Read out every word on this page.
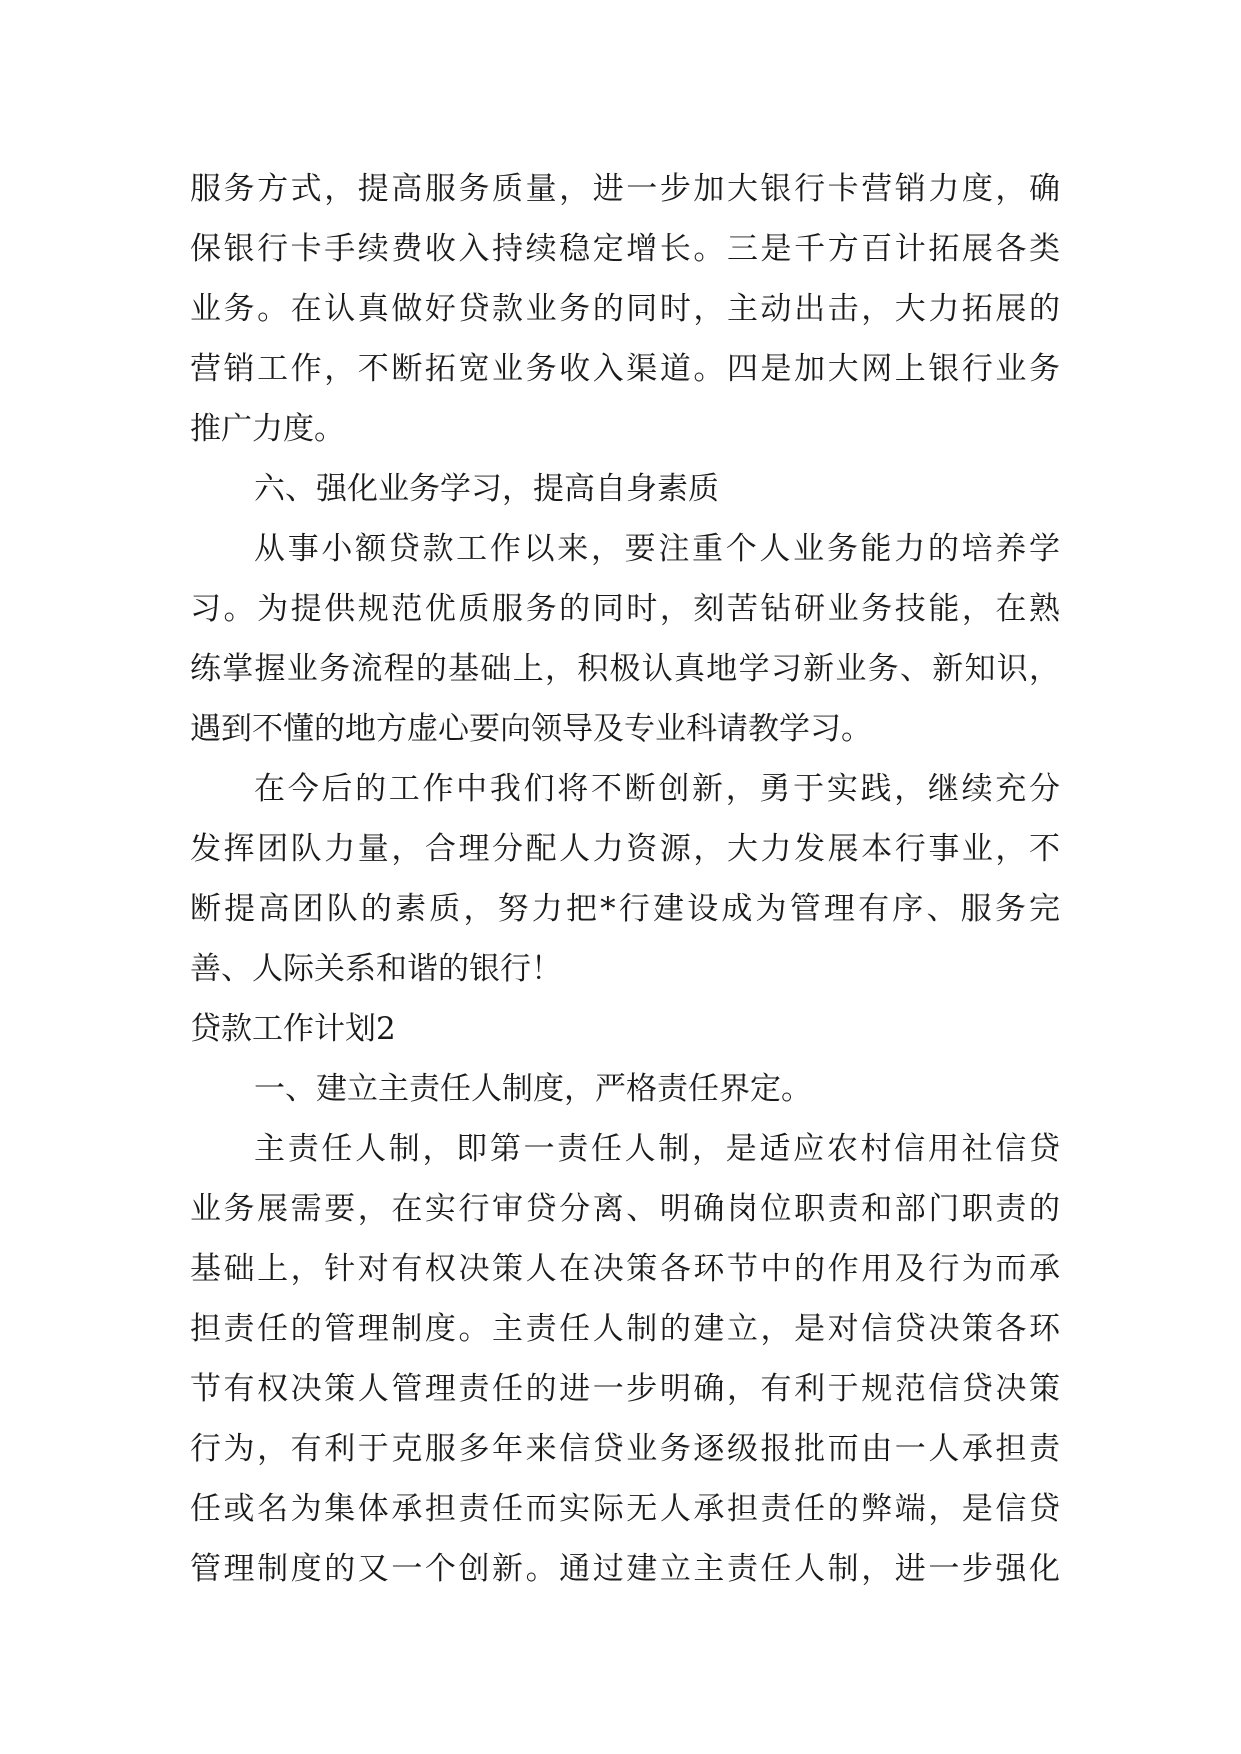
服务方式，提高服务质量，进一步加大银行卡营销力度，确
保银行卡手续费收入持续稳定增长。三是千方百计拓展各类
业务。在认真做好贷款业务的同时，主动出击，大力拓展的
营销工作，不断拓宽业务收入渠道。四是加大网上银行业务
推广力度。
六、强化业务学习，提高自身素质
从事小额贷款工作以来，要注重个人业务能力的培养学
习。为提供规范优质服务的同时，刻苦钻研业务技能，在熟
练掌握业务流程的基础上，积极认真地学习新业务、新知识，
遇到不懂的地方虚心要向领导及专业科请教学习。
在今后的工作中我们将不断创新，勇于实践，继续充分
发挥团队力量，合理分配人力资源，大力发展本行事业，不
断提高团队的素质，努力把*行建设成为管理有序、服务完
善、人际关系和谐的银行！
贷款工作计划2
一、建立主责任人制度，严格责任界定。
主责任人制，即第一责任人制，是适应农村信用社信贷
业务展需要，在实行审贷分离、明确岗位职责和部门职责的
基础上，针对有权决策人在决策各环节中的作用及行为而承
担责任的管理制度。主责任人制的建立，是对信贷决策各环
节有权决策人管理责任的进一步明确，有利于规范信贷决策
行为，有利于克服多年来信贷业务逐级报批而由一人承担责
任或名为集体承担责任而实际无人承担责任的弊端，是信贷
管理制度的又一个创新。通过建立主责任人制，进一步强化
